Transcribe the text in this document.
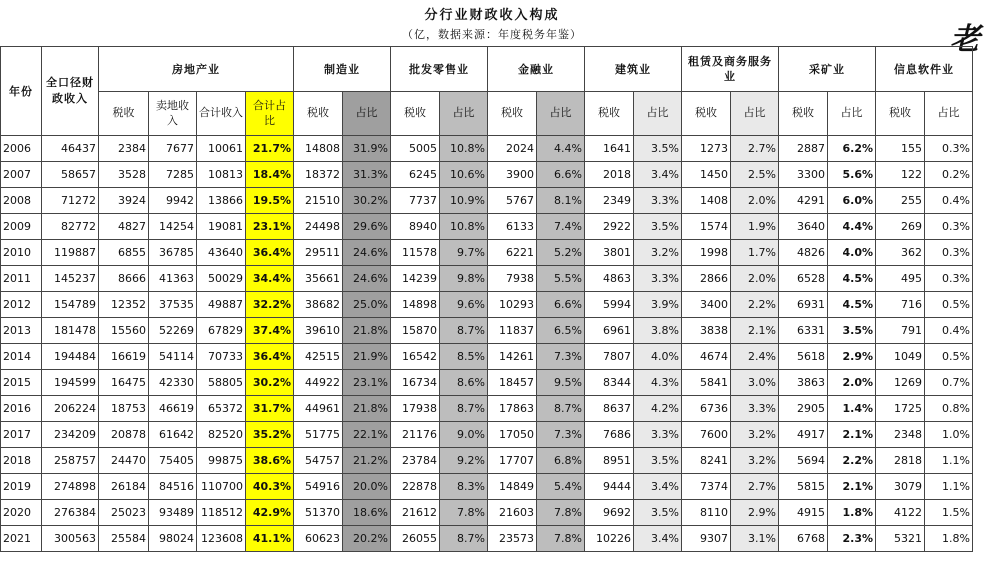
分行业财政收入构成
（亿，数据来源：年度税务年鉴）	老
年份	全口径财政收入	房地产业				制造业		批发零售业		金融业		建筑业		租赁及商务服务业		采矿业		信息软件业	
		税收	卖地收入	合计收入	合计占比	税收	占比	税收	占比	税收	占比	税收	占比	税收	占比	税收	占比	税收	占比
2006	46437	2384	7677	10061	21.7%	14808	31.9%	5005	10.8%	2024	4.4%	1641	3.5%	1273	2.7%	2887	6.2%	155	0.3%
2007	58657	3528	7285	10813	18.4%	18372	31.3%	6245	10.6%	3900	6.6%	2018	3.4%	1450	2.5%	3300	5.6%	122	0.2%
2008	71272	3924	9942	13866	19.5%	21510	30.2%	7737	10.9%	5767	8.1%	2349	3.3%	1408	2.0%	4291	6.0%	255	0.4%
2009	82772	4827	14254	19081	23.1%	24498	29.6%	8940	10.8%	6133	7.4%	2922	3.5%	1574	1.9%	3640	4.4%	269	0.3%
2010	119887	6855	36785	43640	36.4%	29511	24.6%	11578	9.7%	6221	5.2%	3801	3.2%	1998	1.7%	4826	4.0%	362	0.3%
2011	145237	8666	41363	50029	34.4%	35661	24.6%	14239	9.8%	7938	5.5%	4863	3.3%	2866	2.0%	6528	4.5%	495	0.3%
2012	154789	12352	37535	49887	32.2%	38682	25.0%	14898	9.6%	10293	6.6%	5994	3.9%	3400	2.2%	6931	4.5%	716	0.5%
2013	181478	15560	52269	67829	37.4%	39610	21.8%	15870	8.7%	11837	6.5%	6961	3.8%	3838	2.1%	6331	3.5%	791	0.4%
2014	194484	16619	54114	70733	36.4%	42515	21.9%	16542	8.5%	14261	7.3%	7807	4.0%	4674	2.4%	5618	2.9%	1049	0.5%
2015	194599	16475	42330	58805	30.2%	44922	23.1%	16734	8.6%	18457	9.5%	8344	4.3%	5841	3.0%	3863	2.0%	1269	0.7%
2016	206224	18753	46619	65372	31.7%	44961	21.8%	17938	8.7%	17863	8.7%	8637	4.2%	6736	3.3%	2905	1.4%	1725	0.8%
2017	234209	20878	61642	82520	35.2%	51775	22.1%	21176	9.0%	17050	7.3%	7686	3.3%	7600	3.2%	4917	2.1%	2348	1.0%
2018	258757	24470	75405	99875	38.6%	54757	21.2%	23784	9.2%	17707	6.8%	8951	3.5%	8241	3.2%	5694	2.2%	2818	1.1%
2019	274898	26184	84516	110700	40.3%	54916	20.0%	22878	8.3%	14849	5.4%	9444	3.4%	7374	2.7%	5815	2.1%	3079	1.1%
2020	276384	25023	93489	118512	42.9%	51370	18.6%	21612	7.8%	21603	7.8%	9692	3.5%	8110	2.9%	4915	1.8%	4122	1.5%
2021	300563	25584	98024	123608	41.1%	60623	20.2%	26055	8.7%	23573	7.8%	10226	3.4%	9307	3.1%	6768	2.3%	5321	1.8%
